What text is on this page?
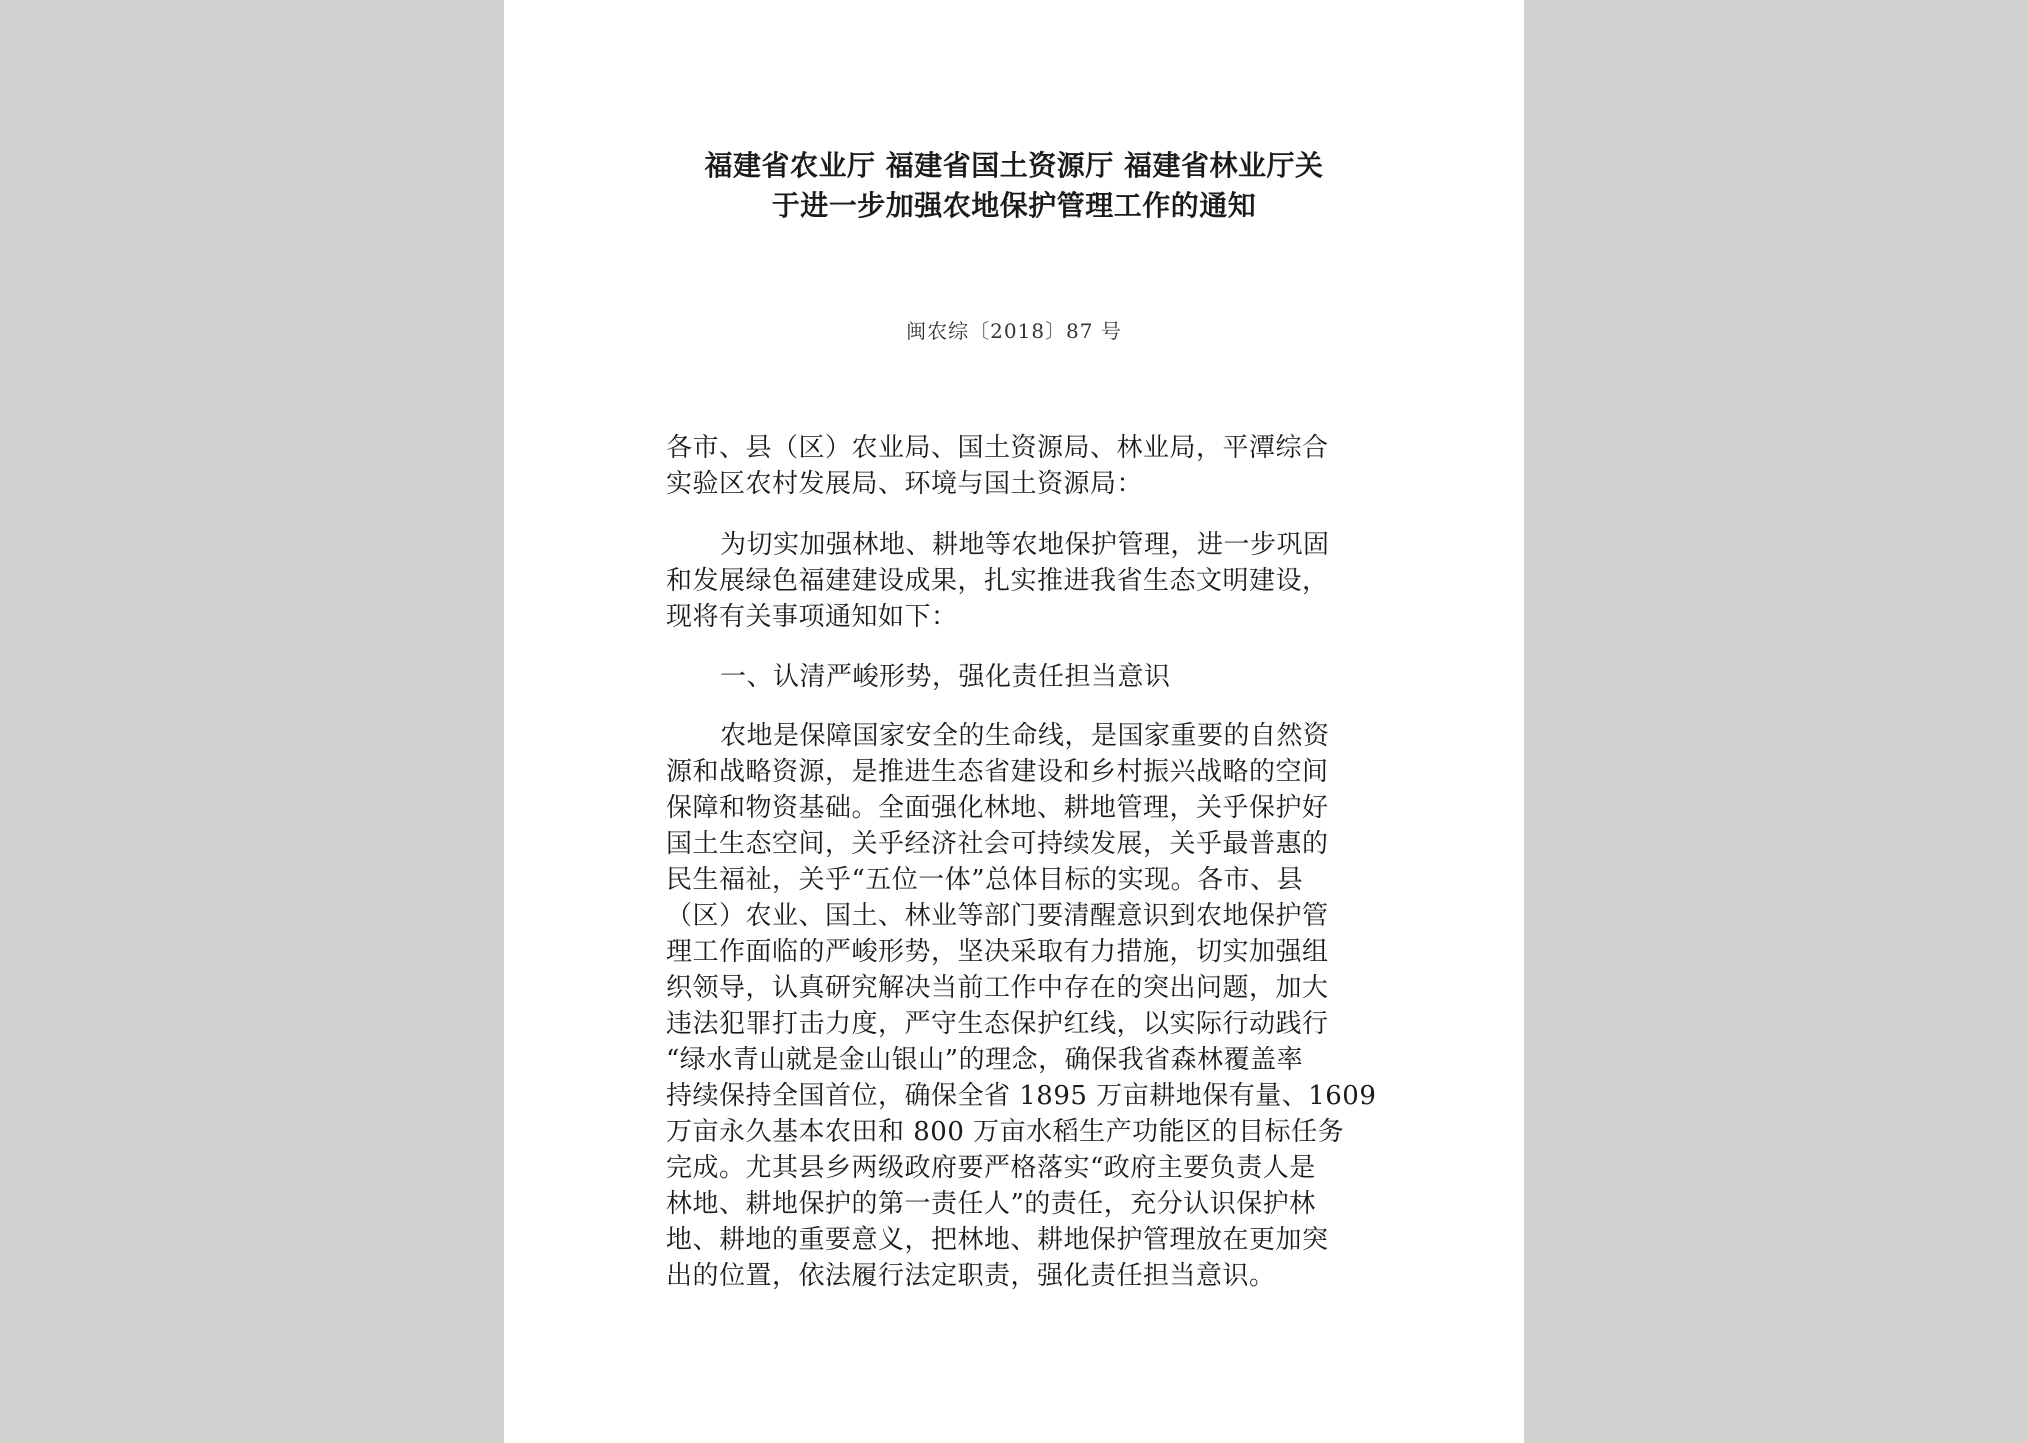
福建省农业厅 福建省国土资源厅 福建省林业厅关
于进一步加强农地保护管理工作的通知
闽农综〔2018〕87 号
各市、县（区）农业局、国土资源局、林业局，平潭综合
实验区农村发展局、环境与国土资源局：
为切实加强林地、耕地等农地保护管理，进一步巩固
和发展绿色福建建设成果，扎实推进我省生态文明建设，
现将有关事项通知如下：
一、认清严峻形势，强化责任担当意识
农地是保障国家安全的生命线，是国家重要的自然资
源和战略资源，是推进生态省建设和乡村振兴战略的空间
保障和物资基础。全面强化林地、耕地管理，关乎保护好
国土生态空间，关乎经济社会可持续发展，关乎最普惠的
民生福祉，关乎“五位一体”总体目标的实现。各市、县
（区）农业、国土、林业等部门要清醒意识到农地保护管
理工作面临的严峻形势，坚决采取有力措施，切实加强组
织领导，认真研究解决当前工作中存在的突出问题，加大
违法犯罪打击力度，严守生态保护红线，以实际行动践行
“绿水青山就是金山银山”的理念，确保我省森林覆盖率
持续保持全国首位，确保全省 1895 万亩耕地保有量、1609
万亩永久基本农田和 800 万亩水稻生产功能区的目标任务
完成。尤其县乡两级政府要严格落实“政府主要负责人是
林地、耕地保护的第一责任人”的责任，充分认识保护林
地、耕地的重要意义，把林地、耕地保护管理放在更加突
出的位置，依法履行法定职责，强化责任担当意识。
